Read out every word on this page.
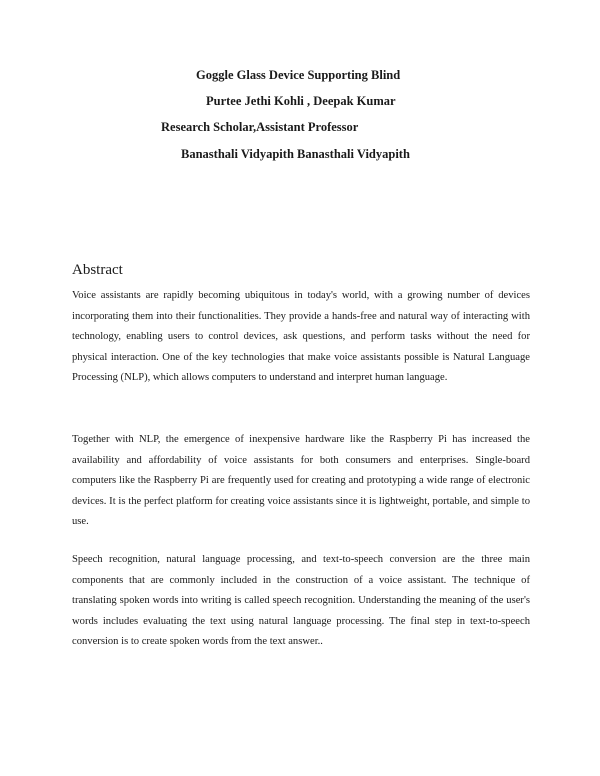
Goggle Glass Device Supporting Blind
Purtee Jethi Kohli , Deepak Kumar
Research Scholar,Assistant Professor
Banasthali Vidyapith Banasthali Vidyapith
Abstract

Voice assistants are rapidly becoming ubiquitous in today's world, with a growing number of devices incorporating them into their functionalities. They provide a hands-free and natural way of interacting with technology, enabling users to control devices, ask questions, and perform tasks without the need for physical interaction. One of the key technologies that make voice assistants possible is Natural Language Processing (NLP), which allows computers to understand and interpret human language.

Together with NLP, the emergence of inexpensive hardware like the Raspberry Pi has increased the availability and affordability of voice assistants for both consumers and enterprises. Single-board computers like the Raspberry Pi are frequently used for creating and prototyping a wide range of electronic devices. It is the perfect platform for creating voice assistants since it is lightweight, portable, and simple to use.

Speech recognition, natural language processing, and text-to-speech conversion are the three main components that are commonly included in the construction of a voice assistant. The technique of translating spoken words into writing is called speech recognition. Understanding the meaning of the user's words includes evaluating the text using natural language processing. The final step in text-to-speech conversion is to create spoken words from the text answer..
